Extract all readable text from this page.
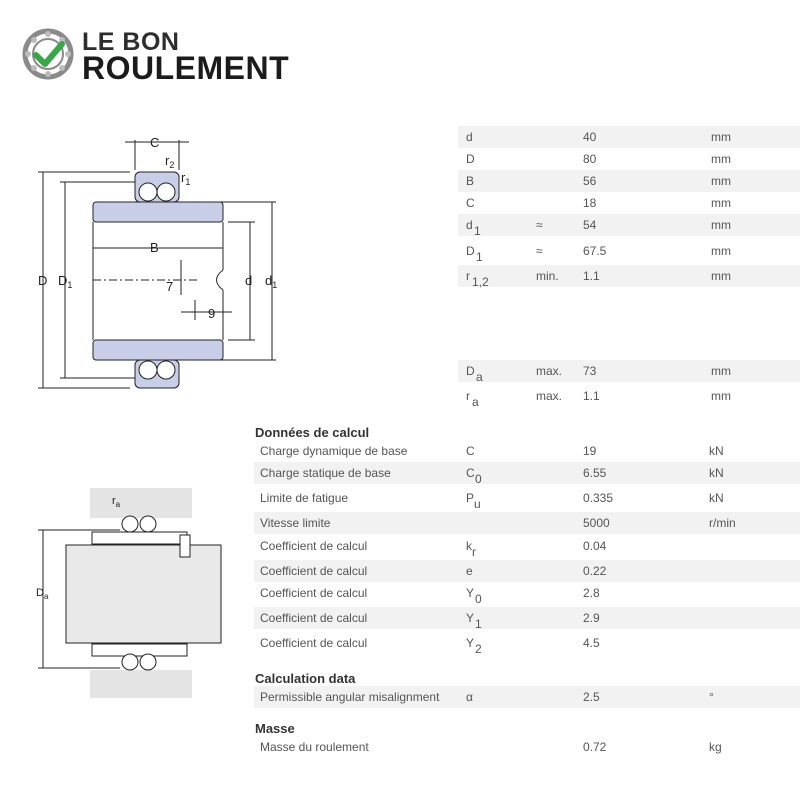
LE BON
ROULEMENT
C
$r_2$
$r_1$
D $D_1$
B
d $d_1$
7
9
$r_a$
$D_a$
d	40	mm
D	80	mm
B	56	mm
C	18	mm
d 1	≈	54	mm
D 1	≈	67.5	mm
r 1,2	min. 1.1	mm
D a	max. 73	mm
r a	max. 1.1	mm
Données de calcul
Charge dynamique de base	C	19	kN
Charge statique de base	C 0	6.55	kN
Limite de fatigue	P u	0.335	kN
Vitesse limite	5000	r/min
Coefficient de calcul	k r	0.04
Coefficient de calcul	e	0.22
Coefficient de calcul	Y 0	2.8
Coefficient de calcul	Y 1	2.9
Coefficient de calcul	Y 2	4.5
Calculation data
Permissible angular misalignment α	2.5	°
Masse
Masse du roulement	0.72	kg
